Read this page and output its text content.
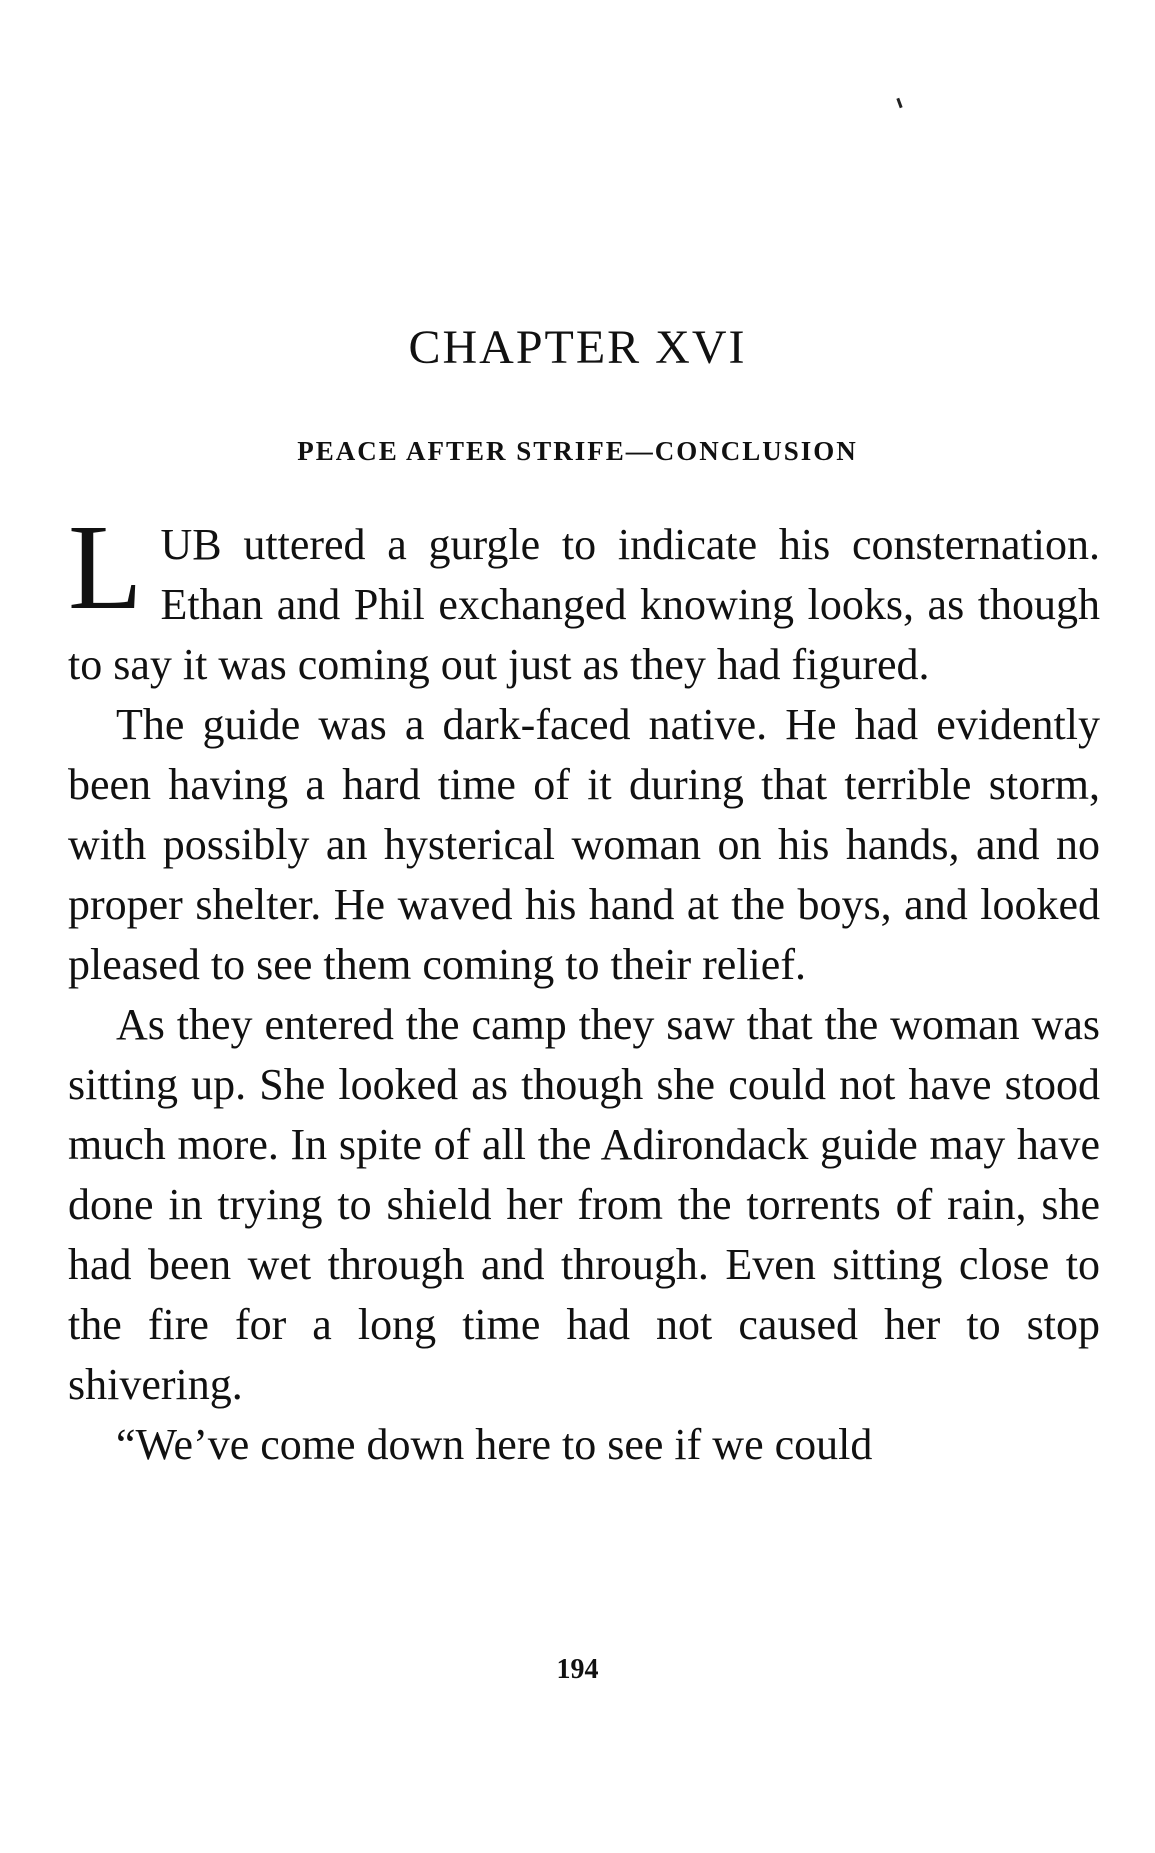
CHAPTER XVI
PEACE AFTER STRIFE—CONCLUSION

LUB uttered a gurgle to indicate his consternation. Ethan and Phil exchanged knowing looks, as though to say it was coming out just as they had figured.

The guide was a dark-faced native. He had evidently been having a hard time of it during that terrible storm, with possibly an hysterical woman on his hands, and no proper shelter. He waved his hand at the boys, and looked pleased to see them coming to their relief.

As they entered the camp they saw that the woman was sitting up. She looked as though she could not have stood much more. In spite of all the Adirondack guide may have done in trying to shield her from the torrents of rain, she had been wet through and through. Even sitting close to the fire for a long time had not caused her to stop shivering.

“We’ve come down here to see if we could

194
